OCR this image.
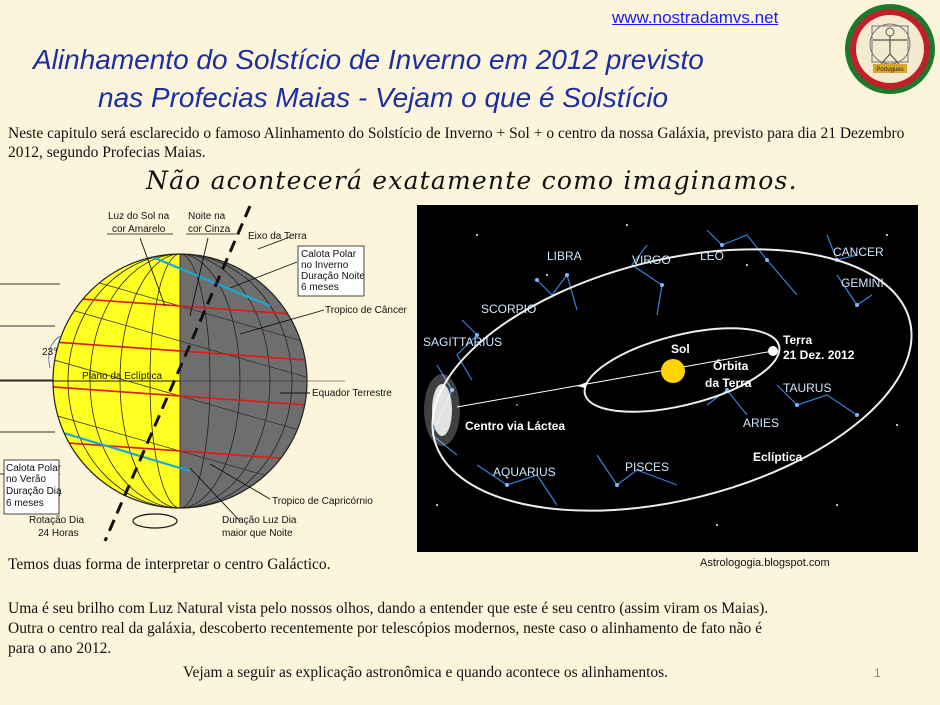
www.nostradamvs.net
Portugues
Alinhamento do Solstício de Inverno em 2012 previsto
nas Profecias Maias - Vejam o que é Solstício
Neste capitulo será esclarecido o famoso Alinhamento do Solstício de Inverno + Sol + o centro da nossa Galáxia, previsto para dia 21 Dezembro 2012, segundo Profecias Maias.
Não acontecerá exatamente como imaginamos.
23°
Luz do Sol na
cor Amarelo
Noite na
cor Cinza
Eixo da Terra
Calota Polar
no Inverno
Duração Noite
6 meses
Tropico de Câncer
Plano da Eclíptica
Equador Terrestre
Calota Polar
no Verão
Duração Dia
6 meses	Tropico de Capricórnio
Rotação Dia
24 Horas
Duração Luz Dia
maior que Noite
LIBRA	VIRGO LEO	CANCER
GEMINI
SCORPIO
SAGITTARIUS
TAURUS
ARIES
PISCES
AQUARIUS
Sol
Terra
21 Dez. 2012
Órbita
da Terra
Centro via Láctea
Eclíptica
Astrologogia.blogspot.com
Temos duas forma de interpretar o centro Galáctico.
Uma é seu brilho com Luz Natural vista pelo nossos olhos, dando a entender que este é seu centro (assim viram os Maias).
Outra o centro real da galáxia, descoberto recentemente por telescópios modernos, neste caso o alinhamento de fato não é
para o ano 2012.
Vejam a seguir as explicação astronômica e quando acontece os alinhamentos.	1
